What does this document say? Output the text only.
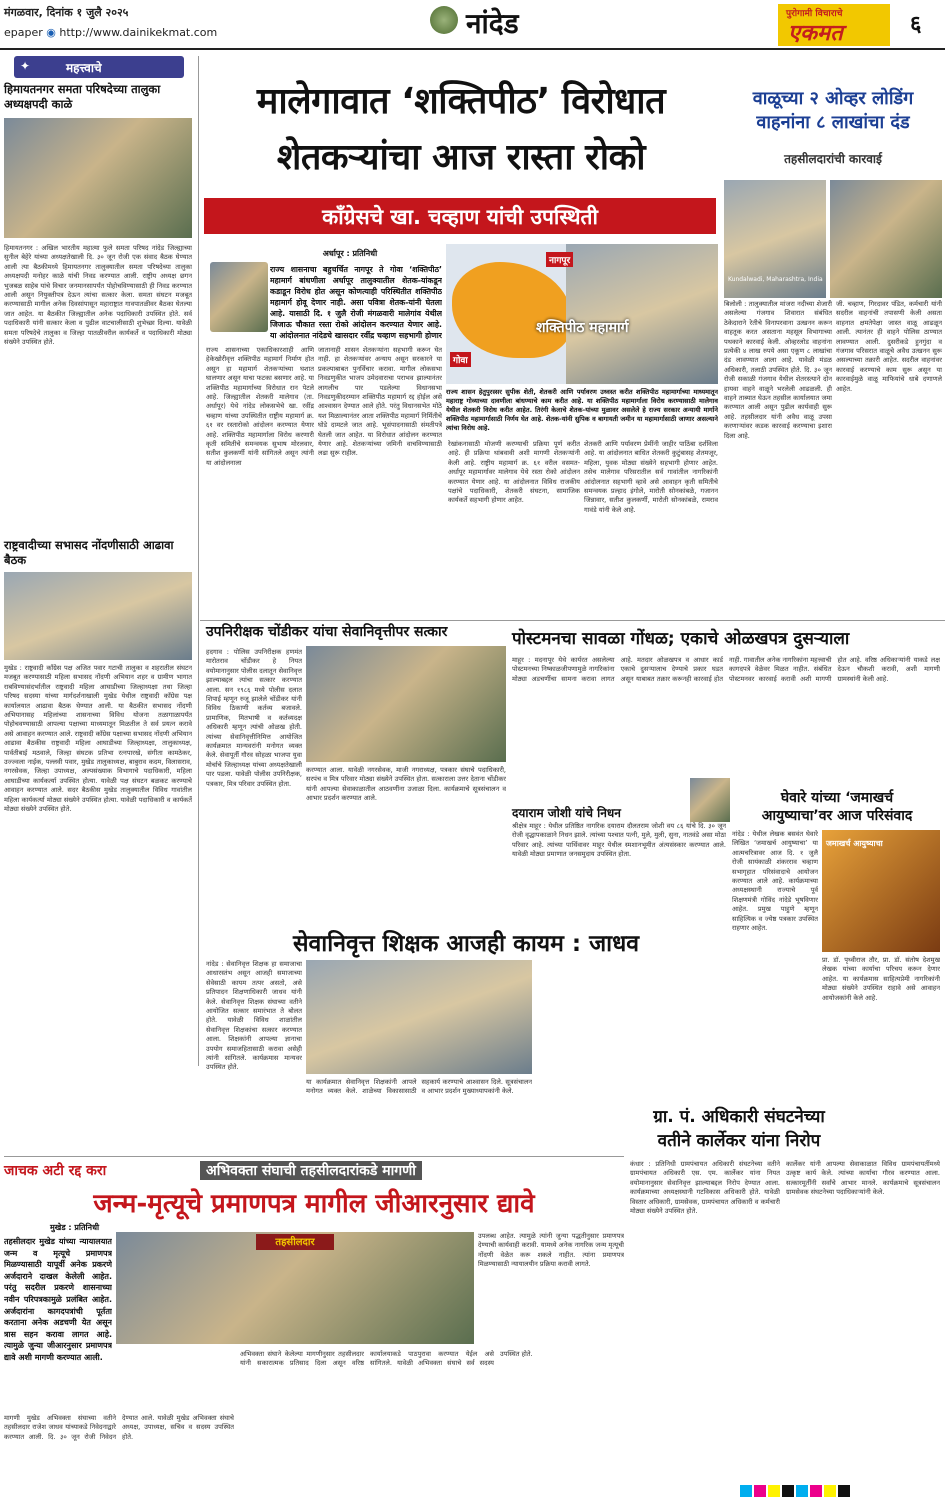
मंगळवार, दिनांक १ जुलै २०२५
epaper ◉ http://www.dainikekmat.com	नांदेड	पुरोगामी विचाराचे
एकमत	६
✦	महत्त्वाचे
हिमायतनगर समता परिषदेच्या तालुका अध्यक्षपदी काळे
हिमायतनगर : अखिल भारतीय महात्मा फुले समता परिषद नांदेड जिल्ह्याच्या सुनील बेहेरे यांच्या अध्यक्षतेखाली दि. ३० जून रोजी एक संवाद बैठक घेण्यात आली त्या बैठकीमध्ये हिमायतनगर तालुक्यातील समता परिषदेच्या तालुका अध्यक्षपदी मनोहर काळे यांची निवड करण्यात आली. राष्ट्रीय अध्यक्ष छगन भुजबळ साहेब यांचे विचार जनमानसापर्यंत पोहोचविण्यासाठी ही निवड करण्यात आली असून नियुक्तीपत्र देऊन त्यांचा सत्कार केला. समता संघटन मजबूत करण्यासाठी मागील अनेक दिवसांपासून महाराष्ट्रात गावपातळीवर बैठका घेतल्या जात आहेत. या बैठकीत जिल्ह्यातील अनेक पदाधिकारी उपस्थित होते. सर्व पदाधिकारी यांनी सत्कार केला व पुढील वाटचालीसाठी शुभेच्छा दिल्या. यावेळी समता परिषदेचे तालुका व जिल्हा पातळीवरील कार्यकर्ते व पदाधिकारी मोठ्या संख्येने उपस्थित होते.
राष्ट्रवादीच्या सभासद नोंदणीसाठी आढावा बैठक
मुखेड : राष्ट्रवादी काँग्रेस पक्ष अजित पवार गटाची तालुका व शहरातील संघटन मजबूत करण्यासाठी महिला सभासद नोंदणी अभियान शहर व ग्रामीण भागात राबविण्यासंदर्भातील राष्ट्रवादी महिला आघाडीच्या जिल्हाध्यक्षा तथा जिल्हा परिषद सदस्या यांच्या मार्गदर्शनाखाली मुखेड येथील राष्ट्रवादी काँग्रेस पक्ष कार्यालयात आढावा बैठक घेण्यात आली. या बैठकीत सभासद नोंदणी अभियानासह महिलांच्या शासनाच्या विविध योजना तळागाळापर्यंत पोहोचवण्यासाठी आपल्या पक्षाच्या माध्यमातून मिळतील ते सर्व प्रयत्न करावे असे आवाहन करण्यात आले. राष्ट्रवादी काँग्रेस पक्षाच्या सभासद नोंदणी अभियान आढावा बैठकीस राष्ट्रवादी महिला आघाडीच्या जिल्हाध्यक्षा, तालुकाध्यक्ष, पार्वतीबाई मठवाले, जिल्हा संघटक प्रतिभा रत्नपारखे, संगीता कामठेकर, उज्ज्वला नाईक, पल्लवी पवार, मुखेड तालुकाध्यक्ष, बाबुराव कदम, विलासराव, नगरसेवक, जिल्हा उपाध्यक्ष, अल्पसंख्याक विभागाचे पदाधिकारी, महिला आघाडीच्या कार्यकर्त्या उपस्थित होत्या. यावेळी पक्ष संघटन बळकट करण्याचे आवाहन करण्यात आले. सदर बैठकीस मुखेड तालुक्यातील विविध गावांतील महिला कार्यकर्त्या मोठ्या संख्येने उपस्थित होत्या. यावेळी पदाधिकारी व कार्यकर्ते मोठ्या संख्येने उपस्थित होते.
मालेगावात ‘शक्तिपीठ’ विरोधात
शेतकऱ्यांचा आज रास्ता रोको
काँग्रेसचे खा. चव्हाण यांची उपस्थिती
अर्धापूर : प्रतिनिधी
राज्य शासनाचा बहुचर्चित नागपूर ते गोवा ‘शक्तिपीठ’ महामार्ग बांधणीला अर्धापूर तालुक्यातील शेतक-यांकडून कडाडून विरोध होत असून कोणत्याही परिस्थितीत शक्तिपीठ महामार्ग होवू देणार नाही. असा पवित्रा शेतक-यांनी घेतला आहे. यासाठी दि. १ जुलै रोजी मंगळवारी मालेगांव येथील जिजाऊ चौकात रस्ता रोको आंदोलन करण्यात येणार आहे. या आंदोलनात नांदेडचे खासदार रवींद्र चव्हाण सहभागी होणार
नागपूर
गोवा
शक्तिपीठ महामार्ग
राज्य शासन हेतुपुरस्सर सुपीक शेती, शेतकरी आणि पर्यावरण उध्वस्त करीत शक्तिपीठ महामार्गाच्या माध्यमातून महाराष्ट्र गोव्याच्या दावणीला बांधण्याचे काम करीत आहे. या शक्तिपीठ महामार्गाला विरोध करण्यासाठी मालेगाव येथील शेतकरी विरोध करीत आहेत. तिरंगी केलाचे शेतक-यांच्या मुळावर असलेले हे राज्य सरकार अन्यायी मार्गाने शक्तिपीठ महामार्गासाठी निर्णय घेत आहे. शेतक-यांनी सुपिक व बागायती जमीन या महामार्गासाठी जाणार असल्याने त्यांचा विरोध आहे.
राज्य शासनाच्या एकाधिकारशाही आणि हेकेखोरीवृत्त शक्तिपीठ महामार्ग निर्माण होत असून हा महामार्ग शेतकऱ्यांच्या घशात घालणार असून याचा फटका बसणार आहे. या शक्तिपीठ महामार्गाच्या विरोधात रान पेटले आहे. जिल्ह्यातील शेतकरी मालेगाव (ता. अर्धापूर) येथे नांदेड लोकसभेचे खा. रवींद्र चव्हाण यांच्या उपस्थितीत राष्ट्रीय महामार्ग क्र. ६१ वर रस्तारोको आंदोलन करण्यात येणार आहे. शक्तिपीठ महामार्गाला विरोध करणारी कृती समितीचे समन्वयक सुभाष मोरलवार, सतीश कुलकर्णी यांनी सांगितले असून त्यांनी या आंदोलनाला
जातानाही शासन शेतकऱ्यांना सहभागी करून घेत नाही. हा शेतकऱ्यांवर अन्याय असून सरकारने या प्रकल्पाबाबत पुनर्विचार करावा. मागील लोकसभा निवडणुकीत भाजप उमेदवाराचा पराभव झाल्यानंतर लागलीच पार पडलेल्या विधानसभा निवडणुकीदरम्यान शक्तिपीठ महामार्ग रद्द होईल असे आश्वासन देण्यात आले होते. परंतु विधानसभेत मोठे यश मिळाल्यानंतर आता शक्तिपीठ महामार्ग निर्मितीचे घोडे दामटले जात आहे. भूसंपादनासाठी संमतीपत्रे घेतली जात आहेत. या विरोधात आंदोलन करण्यात येणार आहे. शेतकऱ्यांच्या जमिनी वाचविण्यासाठी लढा सुरू राहील.
रेखांकनासाठी मोजणी करण्याची प्रक्रिया पूर्ण करीत आहे. ही प्रक्रिया थांबवावी अशी मागणी शेतकऱ्यांनी केली आहे. राष्ट्रीय महामार्ग क्र. ६१ वरील वसमत-अर्धापूर महामार्गावर मालेगाव येथे रस्ता रोको आंदोलन करण्यात येणार आहे. या आंदोलनात विविध राजकीय पक्षांचे पदाधिकारी, शेतकरी संघटना, सामाजिक कार्यकर्ते सहभागी होणार आहेत.
शेतकरी आणि पर्यावरण प्रेमींनी जाहीर पाठिंबा दर्शविला आहे. या आंदोलनात बाधित शेतकरी कुटुंबासह शेतमजूर, महिला, युवक मोठ्या संख्येने सहभागी होणार आहेत. तसेच मालेगाव परिसरातील सर्व गावांतील नागरिकांनी आंदोलनात सहभागी व्हावे असे आवाहन कृती समितीचे समन्वयक प्रल्हाद इंगोले, मारोती सोनकांबळे, गजानन जिन्नावार, सतीश कुलकर्णी, मारोती सोनकांबळे, रामराव गावंडे यांनी केले आहे.
वाळूच्या २ ओव्हर लोडिंग
वाहनांना ८ लाखांचा दंड
तहसीलदारांची कारवाई
Kundalwadi, Maharashtra, India
बिलोली : तालुक्यातील मांजरा नदीच्या शेजारी असलेल्या गंजगाव शिवारात संबंधित ठेकेदाराने रेतीचे विनापरवाना उत्खनन करून वाहतूक करत असताना महसूल विभागाच्या पथकाने कारवाई केली. ओव्हरलोड वाहनांना प्रत्येकी ४ लाख रुपये असा एकूण ८ लाखांचा दंड लावण्यात आला आहे. यावेळी मंडळ अधिकारी, तलाठी उपस्थित होते. दि. ३० जून रोजी सकाळी गंजगाव येथील शेतरस्त्याने दोन हायवा वाहने वाळूने भरलेली आढळली. ही वाहने ताब्यात घेऊन तहसील कार्यालयात जमा करण्यात आली असून पुढील कार्यवाही सुरू आहे. तहसीलदार यांनी अवैध वाळू उपसा करणाऱ्यांवर कडक कारवाई करण्याचा इशारा दिला आहे.
जी. चव्हाण, गिरदावर पंडित, कर्मचारी यांनी सदरील वाहनांची तपासणी केली असता वाहनात क्षमतेपेक्षा जास्त वाळू आढळून आली. त्यानंतर ही वाहने पोलिस ठाण्यात लावण्यात आली. दुसरीकडे हुनगुंदा व गंजगाव परिसरात वाळूचे अवैध उत्खनन सुरू असल्याच्या तक्रारी आहेत. सदरील वाहनांवर कारवाई करण्याचे काम सुरू असून या कारवाईमुळे वाळू माफियांचे धाबे दणाणले आहेत.
उपनिरीक्षक चोंडीकर यांचा सेवानिवृत्तीपर सत्कार
हदगाव : पोलिस उपनिरीक्षक हणमंत मारोतराव चोंडीकर हे नियत वयोमानानुसार पोलीस दलातून सेवानिवृत्त झाल्याबद्दल त्यांचा सत्कार करण्यात आला. सन १९८६ मध्ये पोलीस दलात शिपाई म्हणून रुजू झालेले चोंडीकर यांनी विविध ठिकाणी कर्तव्य बजावले. प्रामाणिक, मितभाषी व कर्तव्यदक्ष अधिकारी म्हणून त्यांची ओळख होती. त्यांच्या सेवानिवृत्तीनिमित्त आयोजित कार्यक्रमात मान्यवरांनी मनोगत व्यक्त केले. सेवापूर्ती गौरव सोहळा भाजपा युवा मोर्चाचे जिल्हाध्यक्ष यांच्या अध्यक्षतेखाली पार पडला. यावेळी पोलीस उपनिरीक्षक, पत्रकार, मित्र परिवार उपस्थित होता.
करण्यात आला. यावेळी नगरसेवक, माजी नगराध्यक्ष, पत्रकार संघाचे पदाधिकारी, सरपंच व मित्र परिवार मोठ्या संख्येने उपस्थित होता. सत्काराला उत्तर देताना चोंडीकर यांनी आपल्या सेवाकाळातील आठवणींना उजाळा दिला. कार्यक्रमाचे सूत्रसंचालन व आभार प्रदर्शन करण्यात आले.
पोस्टमनचा सावळा गोंधळ; एकाचे ओळखपत्र दुसऱ्याला
माहूर : मदनापूर येथे कार्यरत असलेल्या पोस्टमनच्या निष्काळजीपणामुळे नागरिकांना मोठ्या अडचणींचा सामना करावा लागत आहे. मतदार ओळखपत्र व आधार कार्ड एकाचे दुसऱ्यालाच देण्याचे प्रकार घडत असून याबाबत तक्रार करूनही कारवाई होत नाही. गावातील अनेक नागरिकांना महत्त्वाची कागदपत्रे वेळेवर मिळत नाहीत. संबंधित पोस्टमनवर कारवाई करावी अशी मागणी होत आहे. वरिष्ठ अधिकाऱ्यांनी याकडे लक्ष देऊन चौकशी करावी, अशी मागणी ग्रामस्थांनी केली आहे.
दयाराम जोशी यांचे निधन
श्रीक्षेत्र माहूर : येथील प्रतिष्ठित नागरिक दयाराम दौलतराम जोशी वय ८६ यांचे दि. ३० जून रोजी वृद्धापकाळाने निधन झाले. त्यांच्या पश्चात पत्नी, मुले, मुली, सुना, नातवंडे असा मोठा परिवार आहे. त्यांच्या पार्थिवावर माहूर येथील स्मशानभूमीत अंत्यसंस्कार करण्यात आले. यावेळी मोठ्या प्रमाणात जनसमुदाय उपस्थित होता.
घेवारे यांच्या ‘जमाखर्च
आयुष्याचा’वर आज परिसंवाद
नांदेड : येथील लेखक बसवंत घेवारे लिखित ‘जमाखर्च आयुष्याचा’ या आत्मचरित्रावर आज दि. १ जुलै रोजी सायंकाळी शंकरराव चव्हाण सभागृहात परिसंवादाचे आयोजन करण्यात आले आहे. कार्यक्रमाच्या अध्यक्षस्थानी राज्याचे पूर्व शिक्षणमंत्री गोविंद नांदेडे भूषविणार आहेत. प्रमुख पाहुणे म्हणून साहित्यिक व ज्येष्ठ पत्रकार उपस्थित राहणार आहेत.
जमाखर्च आयुष्याचा
प्रा. डॉ. पृथ्वीराज तौर, प्रा. डॉ. संतोष देशमुख लेखक यांच्या कार्याचा परिचय करून देणार आहेत. या कार्यक्रमास साहित्यप्रेमी नागरिकांनी मोठ्या संख्येने उपस्थित राहावे असे आवाहन आयोजकांनी केले आहे.
सेवानिवृत्त शिक्षक आजही कायम : जाधव
नांदेड : सेवानिवृत्त शिक्षक हा समाजाचा आधारस्तंभ असून आजही समाजाच्या सेवेसाठी कायम तत्पर असतो, असे प्रतिपादन शिक्षणाधिकारी जाधव यांनी केले. सेवानिवृत्त शिक्षक संघाच्या वतीने आयोजित सत्कार समारंभात ते बोलत होते. यावेळी विविध शाळांतील सेवानिवृत्त शिक्षकांचा सत्कार करण्यात आला. शिक्षकांनी आपल्या ज्ञानाचा उपयोग समाजहितासाठी करावा असेही त्यांनी सांगितले. कार्यक्रमास मान्यवर उपस्थित होते.
या कार्यक्रमात सेवानिवृत्त शिक्षकांनी आपले मनोगत व्यक्त केले. शाळेच्या विकासासाठी सहकार्य करण्याचे आश्वासन दिले. सूत्रसंचालन व आभार प्रदर्शन मुख्याध्यापकांनी केले.
ग्रा. पं. अधिकारी संघटनेच्या
वतीने कार्लेकर यांना निरोप
जाचक अटी रद्द करा	अभिवक्ता संघाची तहसीलदारांकडे मागणी
जन्म-मृत्यूचे प्रमाणपत्र मागील जीआरनुसार द्यावे
मुखेड : प्रतिनिधी
तहसीलदार मुखेड यांच्या न्यायालयात जन्म व मृत्यूचे प्रमाणपत्र मिळण्यासाठी यापूर्वी अनेक प्रकरणे अर्जदाराने दाखल केलेली आहेत. परंतु सदरील प्रकरणे शासनाच्या नवीन परिपत्रकामुळे प्रलंबित आहेत. अर्जदारांना कागदपत्रांची पूर्तता करताना अनेक अडचणी येत असून त्रास सहन करावा लागत आहे. त्यामुळे जुन्या जीआरनुसार प्रमाणपत्र द्यावे अशी मागणी करण्यात आली.
तहसीलदार
उपलब्ध आहेत. त्यामुळे त्यांनी जुन्या पद्धतीनुसार प्रमाणपत्र देण्याची कार्यवाही करावी. यामध्ये अनेक नागरिक जन्म मृत्यूची नोंदणी वेळेत करू शकले नाहीत. त्यांना प्रमाणपत्र मिळण्यासाठी न्यायालयीन प्रक्रिया करावी लागते.
मागणी मुखेड अभिवक्ता संघाच्या वतीने तहसीलदार राजेश जाधव यांच्याकडे निवेदनाद्वारे करण्यात आली. दि. ३० जून रोजी निवेदन देण्यात आले. यावेळी मुखेड अभिवक्ता संघाचे अध्यक्ष, उपाध्यक्ष, सचिव व सदस्य उपस्थित होते.
अभिवक्ता संघाने केलेल्या मागणीनुसार तहसीलदार यांनी सकारात्मक प्रतिसाद दिला असून वरिष्ठ कार्यालयाकडे पाठपुरावा करण्यात येईल असे सांगितले. यावेळी अभिवक्ता संघाचे सर्व सदस्य उपस्थित होते.
कंधार : प्रतिनिधी ग्रामपंचायत अधिकारी संघटनेच्या वतीने ग्रामपंचायत अधिकारी एस. एम. कार्लेकर यांना नियत वयोमानानुसार सेवानिवृत्त झाल्याबद्दल निरोप देण्यात आला. कार्यक्रमाच्या अध्यक्षस्थानी गटविकास अधिकारी होते. यावेळी विस्तार अधिकारी, ग्रामसेवक, ग्रामपंचायत अधिकारी व कर्मचारी मोठ्या संख्येने उपस्थित होते.
कार्लेकर यांनी आपल्या सेवाकाळात विविध ग्रामपंचायतींमध्ये उत्कृष्ट कार्य केले. त्यांच्या कार्याचा गौरव करण्यात आला. सत्कारमूर्तींनी सर्वांचे आभार मानले. कार्यक्रमाचे सूत्रसंचालन ग्रामसेवक संघटनेच्या पदाधिकाऱ्यांनी केले.
